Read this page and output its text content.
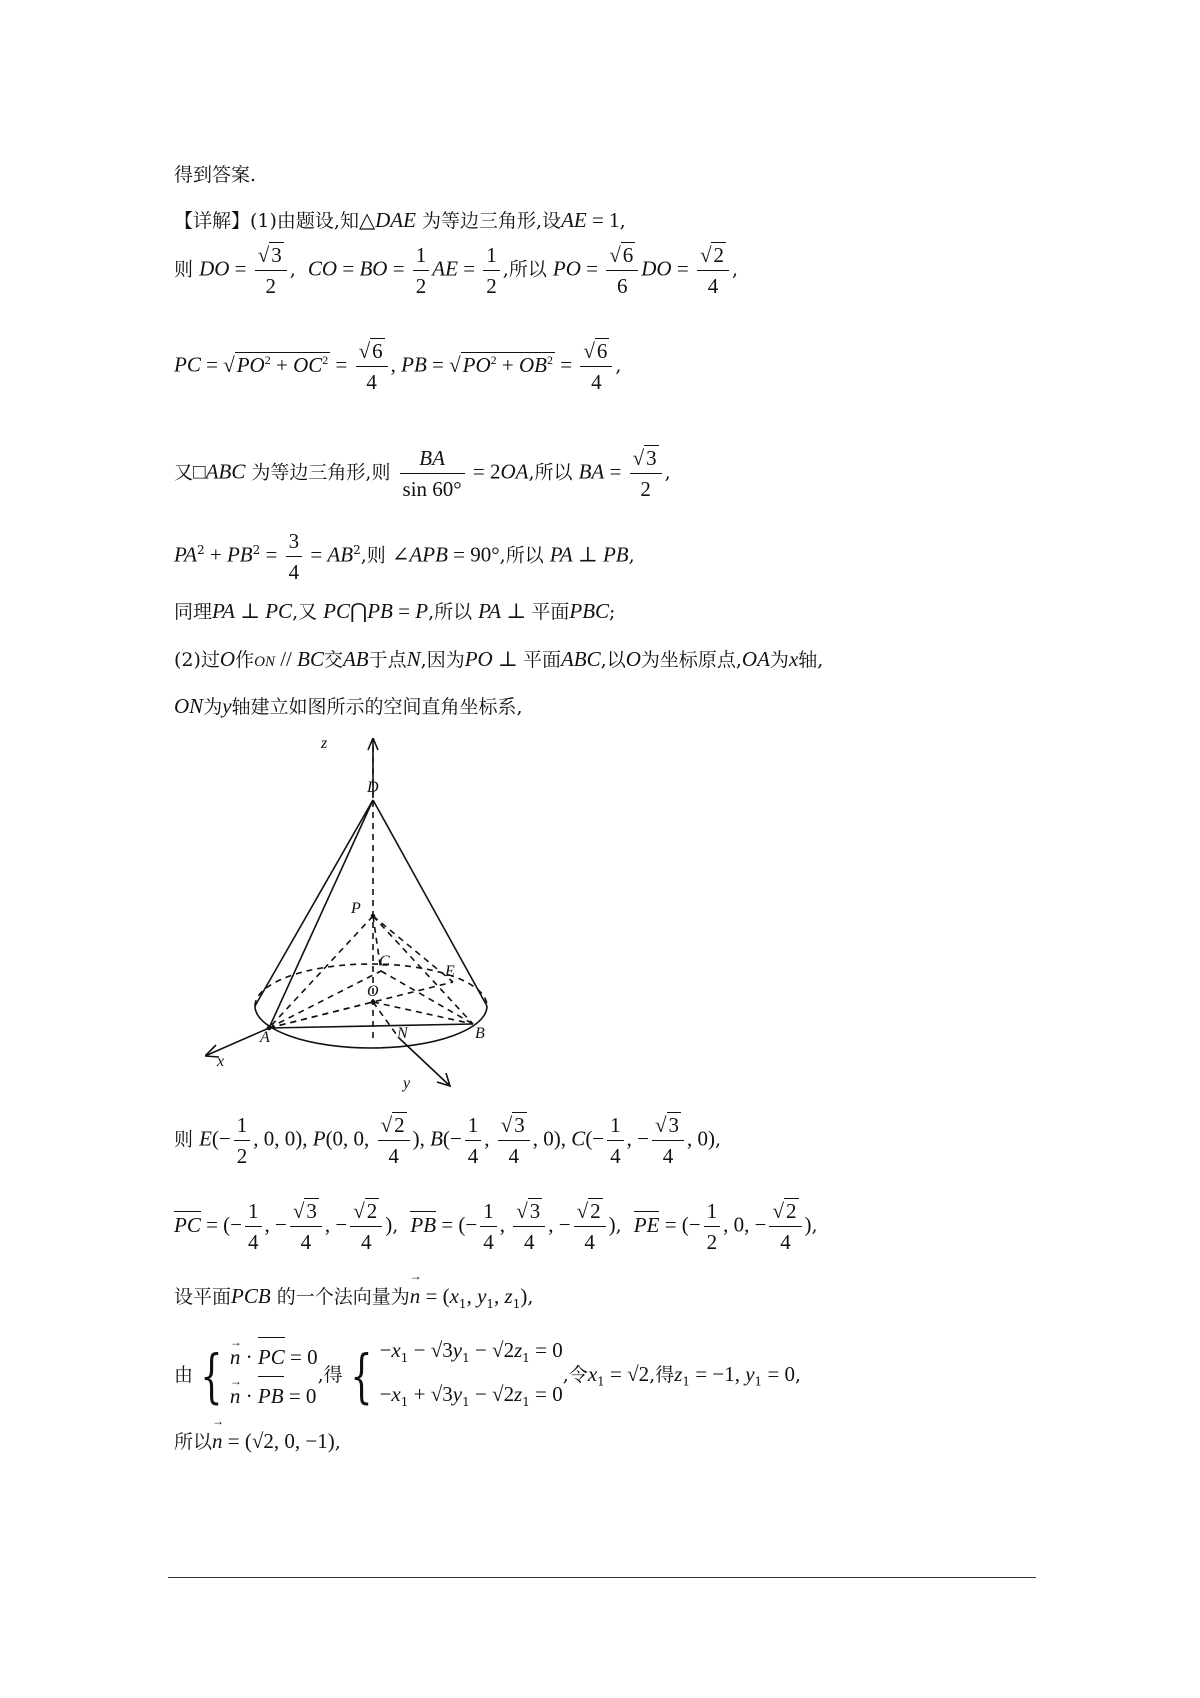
得到答案.
【详解】(1)由题设,知△DAE 为等边三角形,设AE = 1,
则 DO = $\frac{√3}{2}$ , CO = BO = $\frac{1}{2}$ AE = $\frac{1}{2}$ ,所以 PO = $\frac{√6}{6}$ DO = $\frac{√2}{4}$ ,
PC = $√PO^2 + OC^2 = \frac{√6}{4}$ , PB = $√PO^2 + OB^2 = \frac{√6}{4}$ ,
又□ABC 为等边三角形,则 $\frac{BA}{\sin 60^\circ} = 2OA$,所以 BA = $\frac{√3}{2}$ ,
$PA^2 + PB^2 = \frac{3}{4} = AB^2$,则 ∠APB = 90°,所以 PA ⊥ PB,
同理PA ⊥ PC,又 PC⋂PB = P,所以 PA ⊥ 平面PBC;
(2)过O作ON // BC交AB于点N,因为PO ⊥ 平面ABC,以O为坐标原点,OA为x轴,
ON为y轴建立如图所示的空间直角坐标系,
z
D
P
C
E
O
A	N	B
x
y
则 $E(- \frac{1}{2}$ , 0, 0), P(0, 0, $\frac{√2}{4}$ ), $B(- \frac{1}{4}$ , $\frac{√3}{4}$ , 0), $C(- \frac{1}{4}$ , − $\frac{√3}{4}$ , 0),
PC = (− $\frac{1}{4}$ , − $\frac{√3}{4}$ , − $\frac{√2}{4}$ ),  PB = (− $\frac{1}{4}$ , $\frac{√3}{4}$ , − $\frac{√2}{4}$ ),  PE = (− $\frac{1}{2}$ , 0, − $\frac{√2}{4}$ ),
设平面PCB 的一个法向量为→ $n = (x_1$, $y_1$, $z_1$),
由 {
→ n · PC = 0
→ n · PB = 0
,得 { $-x_1 - √3y_1 - √2z_1 = 0$
$-x_1 + √3y_1 - √2z_1 = 0$
,令$x_1 = √2$,得$z_1 = -1$, $y_1 = 0$,
所以→ n = (√2, 0, −1),
